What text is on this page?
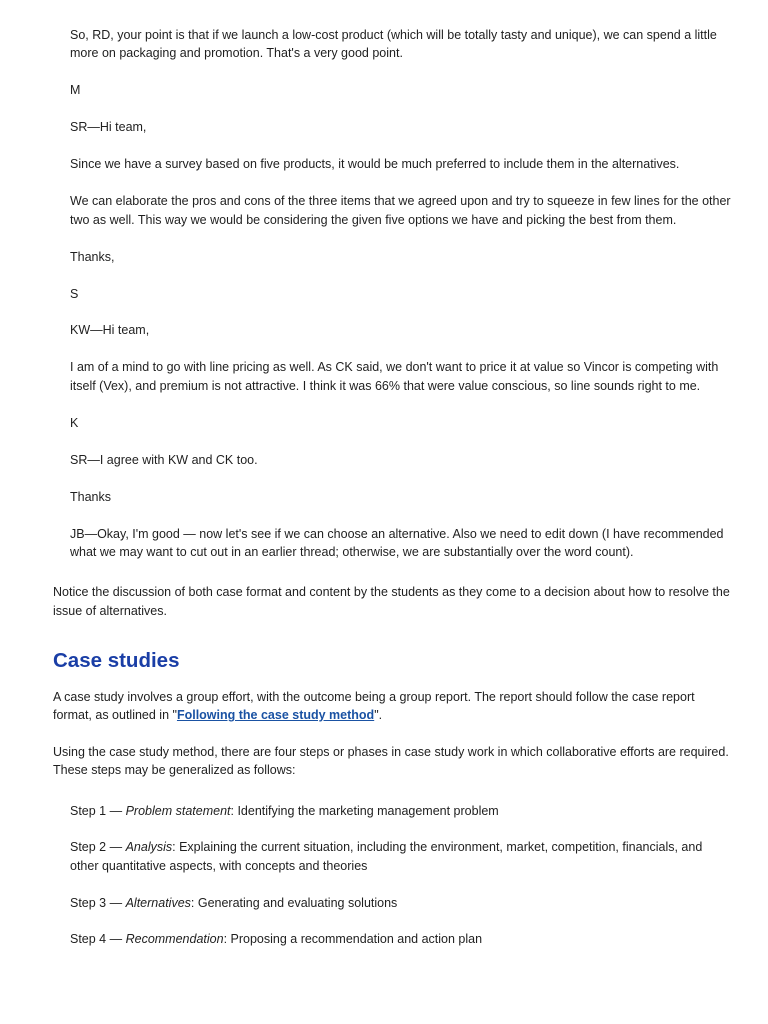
So, RD, your point is that if we launch a low-cost product (which will be totally tasty and unique), we can spend a little more on packaging and promotion. That's a very good point.

M

SR—Hi team,

Since we have a survey based on five products, it would be much preferred to include them in the alternatives.

We can elaborate the pros and cons of the three items that we agreed upon and try to squeeze in few lines for the other two as well. This way we would be considering the given five options we have and picking the best from them.

Thanks,

S

KW—Hi team,

I am of a mind to go with line pricing as well. As CK said, we don't want to price it at value so Vincor is competing with itself (Vex), and premium is not attractive. I think it was 66% that were value conscious, so line sounds right to me.

K

SR—I agree with KW and CK too.

Thanks

JB—Okay, I'm good — now let's see if we can choose an alternative. Also we need to edit down (I have recommended what we may want to cut out in an earlier thread; otherwise, we are substantially over the word count).

Notice the discussion of both case format and content by the students as they come to a decision about how to resolve the issue of alternatives.

Case studies

A case study involves a group effort, with the outcome being a group report. The report should follow the case report format, as outlined in "Following the case study method".

Using the case study method, there are four steps or phases in case study work in which collaborative efforts are required. These steps may be generalized as follows:

Step 1 — Problem statement: Identifying the marketing management problem

Step 2 — Analysis: Explaining the current situation, including the environment, market, competition, financials, and other quantitative aspects, with concepts and theories

Step 3 — Alternatives: Generating and evaluating solutions

Step 4 — Recommendation: Proposing a recommendation and action plan
